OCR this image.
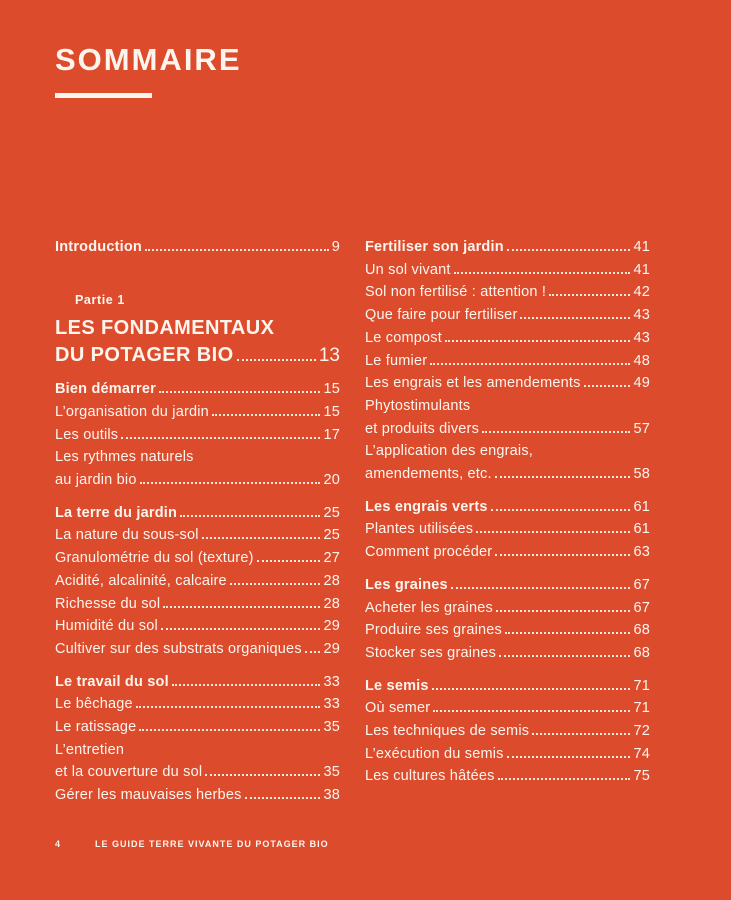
SOMMAIRE
Introduction	9
Partie 1
LES FONDAMENTAUX
DU POTAGER BIO	13
Bien démarrer	15
L’organisation du jardin	15
Les outils	17
Les rythmes naturels
au jardin bio	20
La terre du jardin	25
La nature du sous-sol	25
Granulométrie du sol (texture)	27
Acidité, alcalinité, calcaire	28
Richesse du sol	28
Humidité du sol	29
Cultiver sur des substrats organiques 29
Le travail du sol	33
Le bêchage	33
Le ratissage	35
L’entretien
et la couverture du sol	35
Gérer les mauvaises herbes	38
Fertiliser son jardin	41
Un sol vivant	41
Sol non fertilisé : attention !	42
Que faire pour fertiliser	43
Le compost	43
Le fumier	48
Les engrais et les amendements	49
Phytostimulants
et produits divers	57
L’application des engrais,
amendements, etc.	58
Les engrais verts	61
Plantes utilisées	61
Comment procéder	63
Les graines	67
Acheter les graines	67
Produire ses graines	68
Stocker ses graines	68
Le semis	71
Où semer	71
Les techniques de semis	72
L’exécution du semis	74
Les cultures hâtées	75
4	LE GUIDE TERRE VIVANTE DU POTAGER BIO
